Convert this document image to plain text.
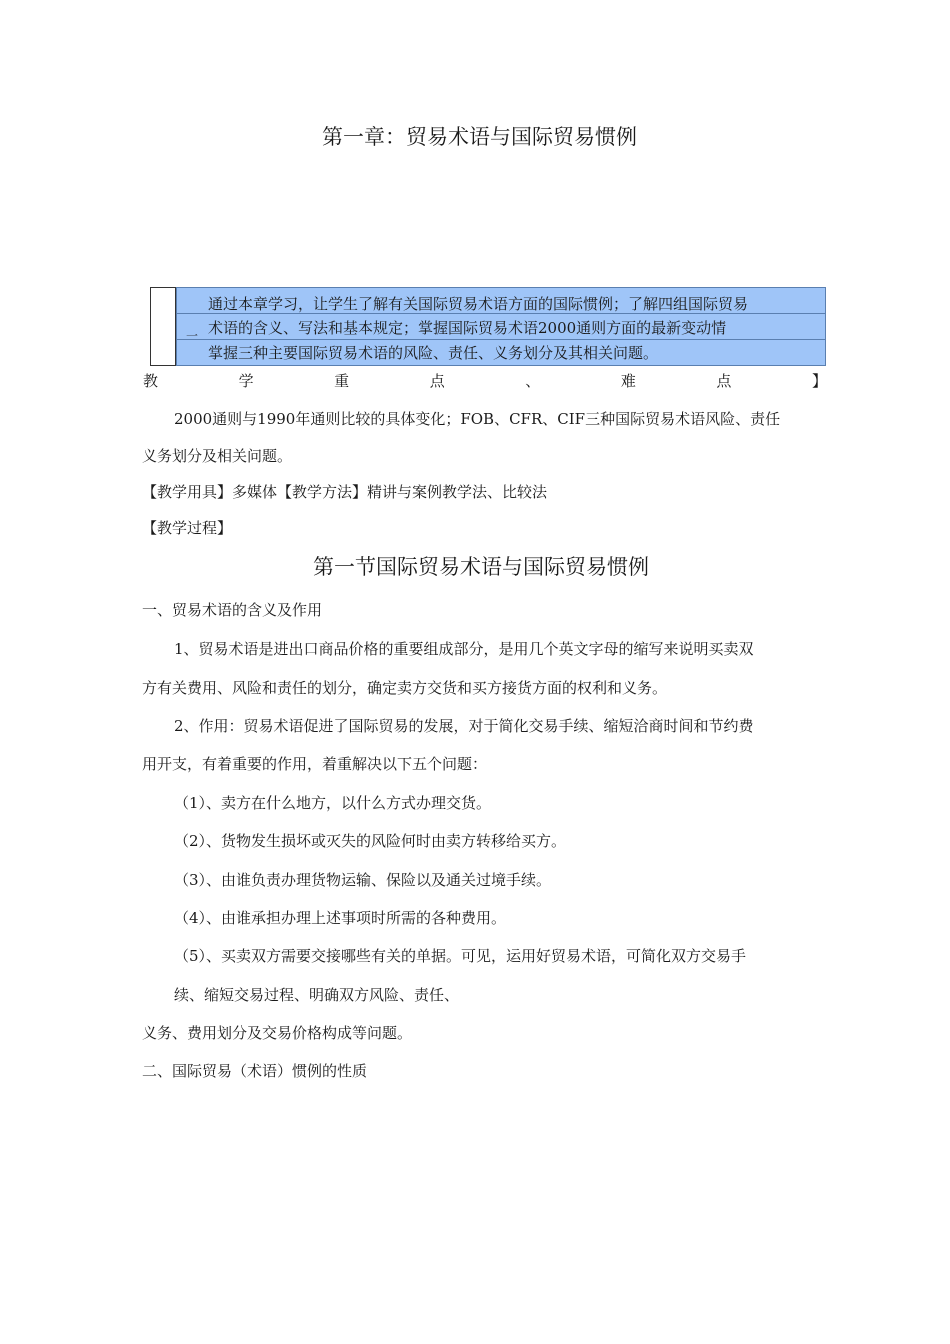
第一章：贸易术语与国际贸易惯例
一
通过本章学习，让学生了解有关国际贸易术语方面的国际惯例；了解四组国际贸易
术语的含义、写法和基本规定；掌握国际贸易术语2000通则方面的最新变动情
掌握三种主要国际贸易术语的风险、责任、义务划分及其相关问题。
教	学	重	点	、	难	点	】
2000通则与1990年通则比较的具体变化；FOB、CFR、CIF三种国际贸易术语风险、责任
义务划分及相关问题。
【教学用具】多媒体【教学方法】精讲与案例教学法、比较法
【教学过程】
第一节国际贸易术语与国际贸易惯例
一、贸易术语的含义及作用
1、贸易术语是进出口商品价格的重要组成部分，是用几个英文字母的缩写来说明买卖双
方有关费用、风险和责任的划分，确定卖方交货和买方接货方面的权利和义务。
2、作用：贸易术语促进了国际贸易的发展，对于简化交易手续、缩短洽商时间和节约费
用开支，有着重要的作用，着重解决以下五个问题：
（1）、卖方在什么地方，以什么方式办理交货。
（2）、货物发生损坏或灭失的风险何时由卖方转移给买方。
（3）、由谁负责办理货物运输、保险以及通关过境手续。
（4）、由谁承担办理上述事项时所需的各种费用。
（5）、买卖双方需要交接哪些有关的单据。可见，运用好贸易术语，可简化双方交易手
续、缩短交易过程、明确双方风险、责任、
义务、费用划分及交易价格构成等问题。
二、国际贸易（术语）惯例的性质
